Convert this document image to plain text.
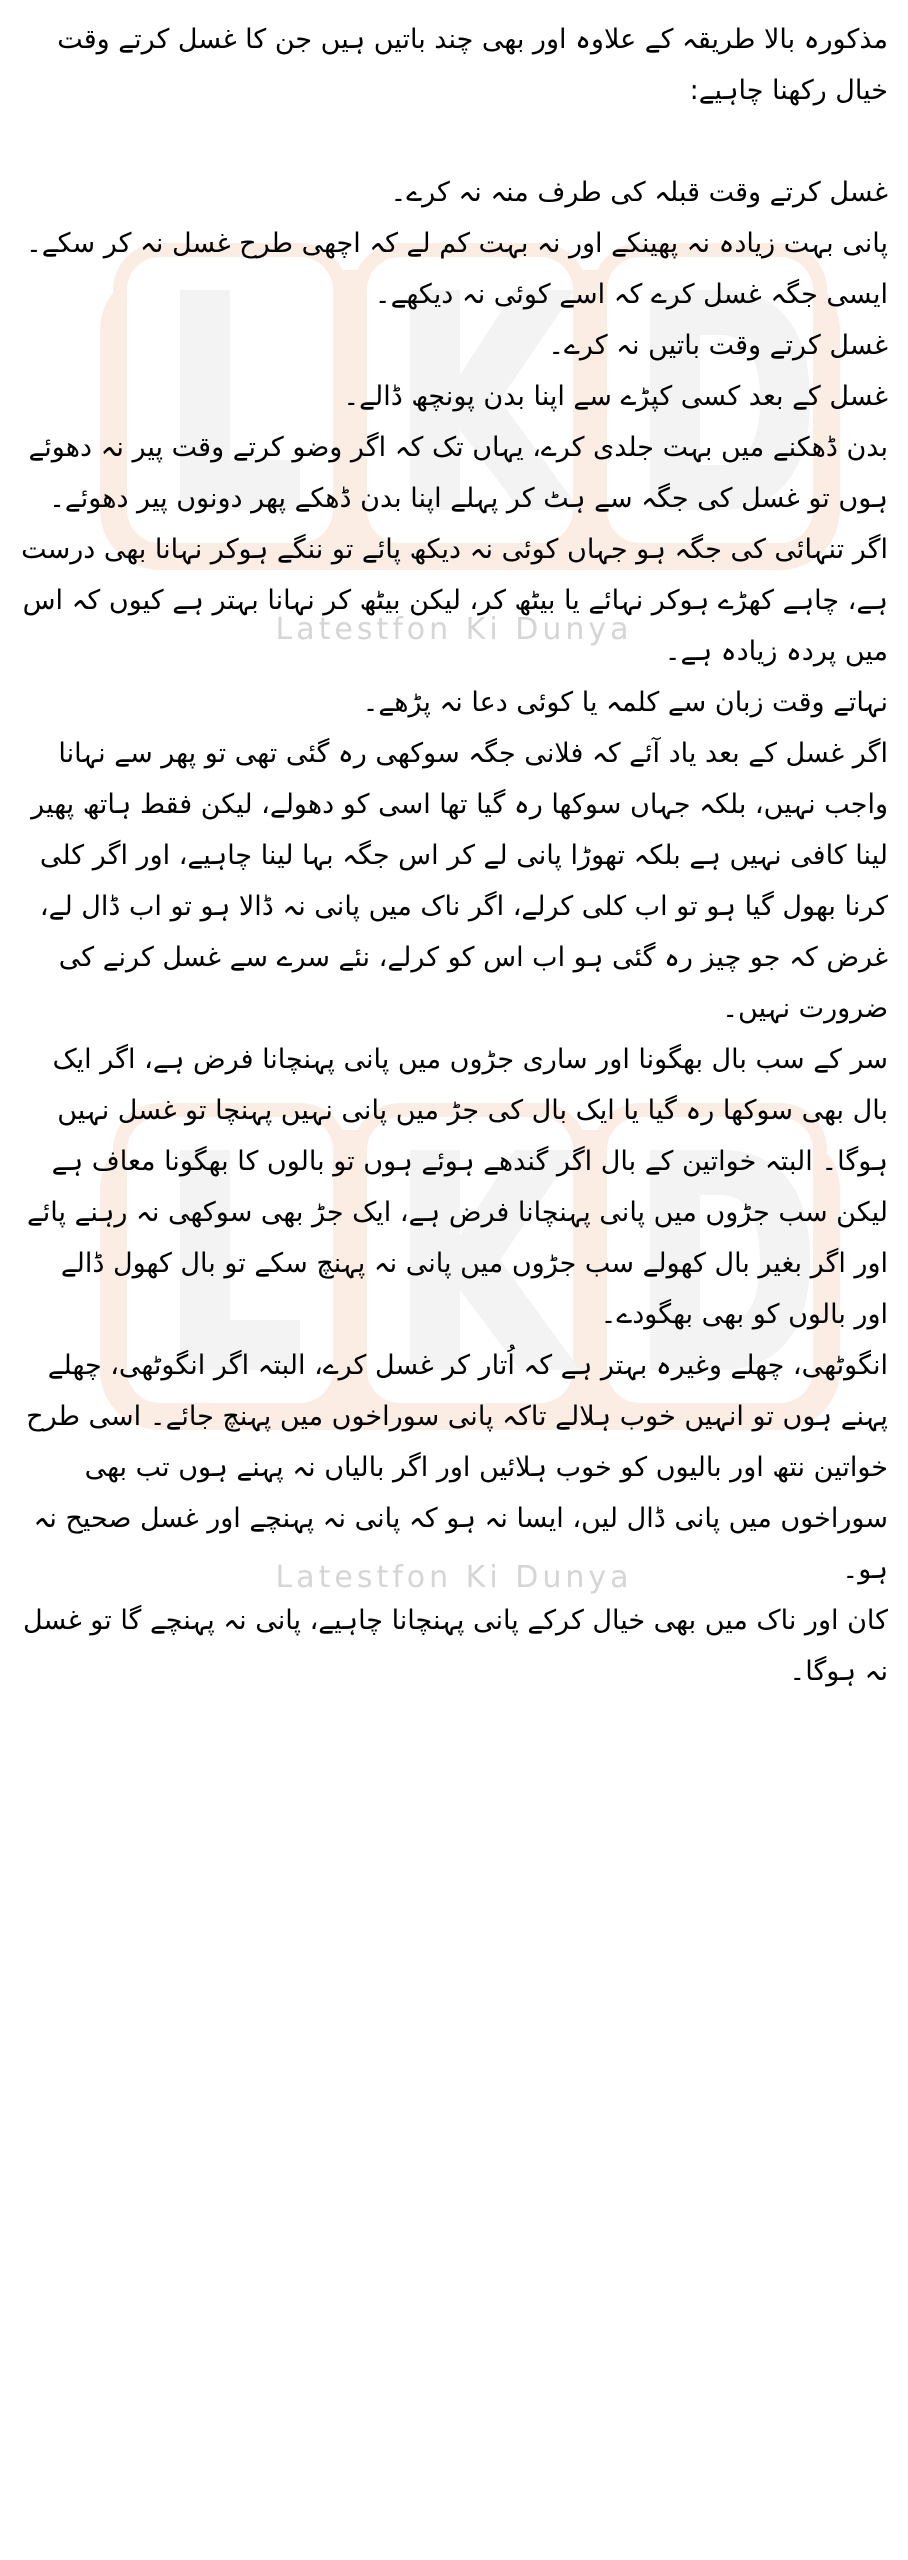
Latestfon Ki Dunya
Latestfon Ki Dunya

مذکورہ بالا طریقہ کے علاوہ اور بھی چند باتیں ہیں جن کا غسل کرتے وقت خیال رکھنا چاہیے:

غسل کرتے وقت قبلہ کی طرف منہ نہ کرے۔

پانی بہت زیادہ نہ پھینکے اور نہ بہت کم لے کہ اچھی طرح غسل نہ کر سکے۔

ایسی جگہ غسل کرے کہ اسے کوئی نہ دیکھے۔

غسل کرتے وقت باتیں نہ کرے۔

غسل کے بعد کسی کپڑے سے اپنا بدن پونچھ ڈالے۔

بدن ڈھکنے میں بہت جلدی کرے، یہاں تک کہ اگر وضو کرتے وقت پیر نہ دھوئے ہوں تو غسل کی جگہ سے ہٹ کر پہلے اپنا بدن ڈھکے پھر دونوں پیر دھوئے۔

اگر تنہائی کی جگہ ہو جہاں کوئی نہ دیکھ پائے تو ننگے ہوکر نہانا بھی درست ہے، چاہے کھڑے ہوکر نہائے یا بیٹھ کر، لیکن بیٹھ کر نہانا بہتر ہے کیوں کہ اس میں پردہ زیادہ ہے۔

نہاتے وقت زبان سے کلمہ یا کوئی دعا نہ پڑھے۔

اگر غسل کے بعد یاد آئے کہ فلانی جگہ سوکھی رہ گئی تھی تو پھر سے نہانا واجب نہیں، بلکہ جہاں سوکھا رہ گیا تھا اسی کو دھولے، لیکن فقط ہاتھ پھیر لینا کافی نہیں ہے بلکہ تھوڑا پانی لے کر اس جگہ بہا لینا چاہیے، اور اگر کلی کرنا بھول گیا ہو تو اب کلی کرلے، اگر ناک میں پانی نہ ڈالا ہو تو اب ڈال لے، غرض کہ جو چیز رہ گئی ہو اب اس کو کرلے، نئے سرے سے غسل کرنے کی ضرورت نہیں۔

سر کے سب بال بھگونا اور ساری جڑوں میں پانی پہنچانا فرض ہے، اگر ایک بال بھی سوکھا رہ گیا یا ایک بال کی جڑ میں پانی نہیں پہنچا تو غسل نہیں ہوگا۔ البتہ خواتین کے بال اگر گندھے ہوئے ہوں تو بالوں کا بھگونا معاف ہے لیکن سب جڑوں میں پانی پہنچانا فرض ہے، ایک جڑ بھی سوکھی نہ رہنے پائے اور اگر بغیر بال کھولے سب جڑوں میں پانی نہ پہنچ سکے تو بال کھول ڈالے اور بالوں کو بھی بھگودے۔

انگوٹھی، چھلے وغیرہ بہتر ہے کہ اُتار کر غسل کرے، البتہ اگر انگوٹھی، چھلے پہنے ہوں تو انہیں خوب ہلالے تاکہ پانی سوراخوں میں پہنچ جائے۔ اسی طرح خواتین نتھ اور بالیوں کو خوب ہلائیں اور اگر بالیاں نہ پہنے ہوں تب بھی سوراخوں میں پانی ڈال لیں، ایسا نہ ہو کہ پانی نہ پہنچے اور غسل صحیح نہ ہو۔

کان اور ناک میں بھی خیال کرکے پانی پہنچانا چاہیے، پانی نہ پہنچے گا تو غسل نہ ہوگا۔
